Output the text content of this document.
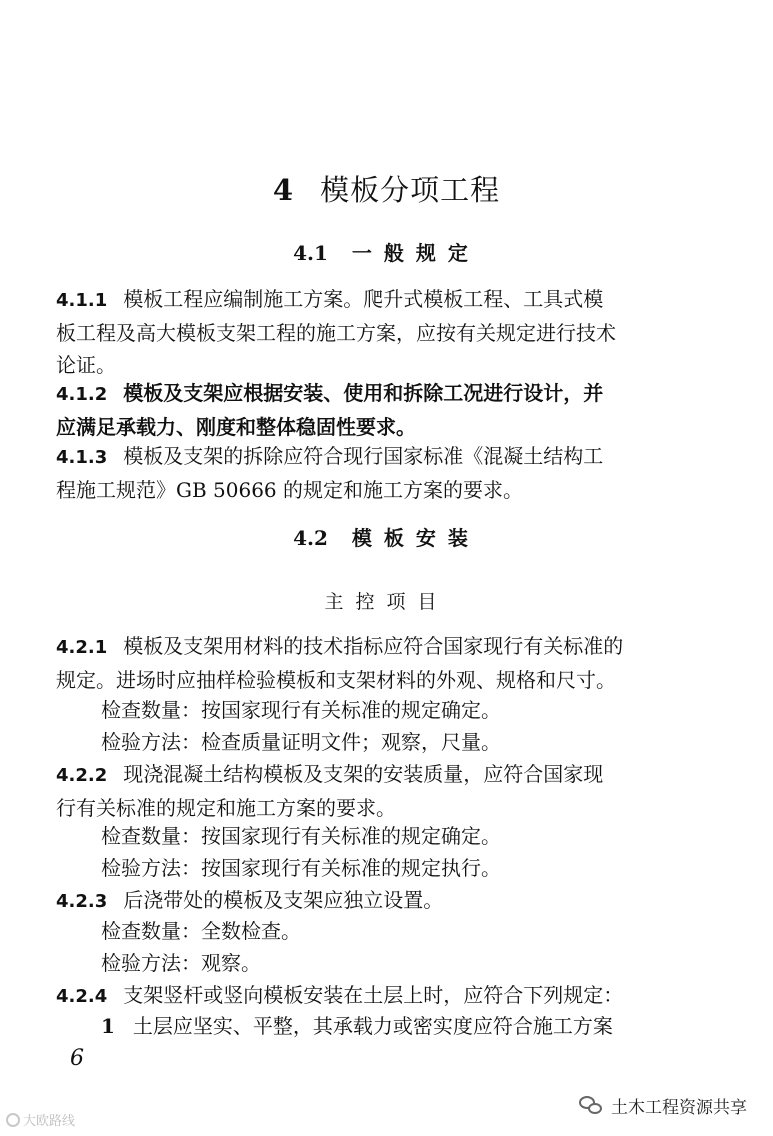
4 模板分项工程
4.1 一般规定
4.1.1 模板工程应编制施工方案。爬升式模板工程、工具式模
板工程及高大模板支架工程的施工方案，应按有关规定进行技术
论证。
4.1.2 模板及支架应根据安装、使用和拆除工况进行设计，并
应满足承载力、刚度和整体稳固性要求。
4.1.3 模板及支架的拆除应符合现行国家标准《混凝土结构工
程施工规范》GB 50666 的规定和施工方案的要求。
4.2 模板安装
主控项目
4.2.1 模板及支架用材料的技术指标应符合国家现行有关标准的
规定。进场时应抽样检验模板和支架材料的外观、规格和尺寸。
检查数量：按国家现行有关标准的规定确定。
检验方法：检查质量证明文件；观察，尺量。
4.2.2 现浇混凝土结构模板及支架的安装质量，应符合国家现
行有关标准的规定和施工方案的要求。
检查数量：按国家现行有关标准的规定确定。
检验方法：按国家现行有关标准的规定执行。
4.2.3 后浇带处的模板及支架应独立设置。
检查数量：全数检查。
检验方法：观察。
4.2.4 支架竖杆或竖向模板安装在土层上时，应符合下列规定：
1 土层应坚实、平整，其承载力或密实度应符合施工方案
6
大欧路线
土木工程资源共享
